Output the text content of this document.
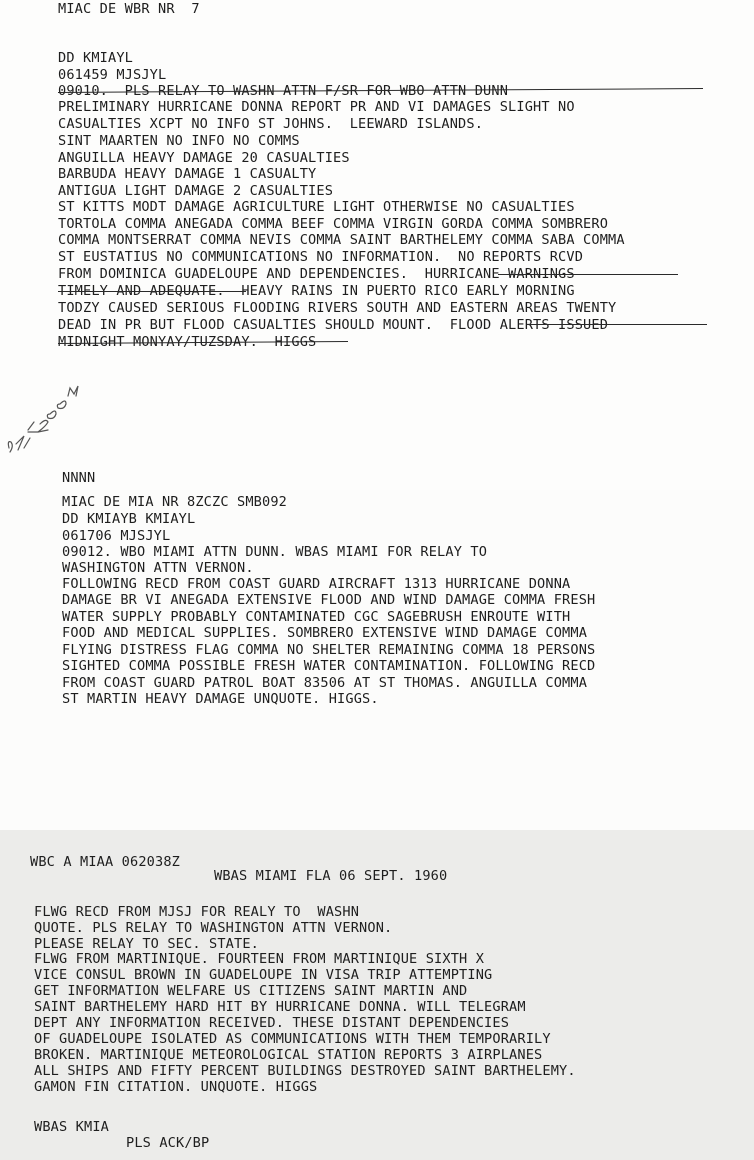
MIAC DE WBR NR  7
DD KMIAYL
061459 MJSJYL
09010.  PLS RELAY TO WASHN ATTN F/SR FOR WBO ATTN DUNN
PRELIMINARY HURRICANE DONNA REPORT PR AND VI DAMAGES SLIGHT NO
CASUALTIES XCPT NO INFO ST JOHNS.  LEEWARD ISLANDS.
SINT MAARTEN NO INFO NO COMMS
ANGUILLA HEAVY DAMAGE 20 CASUALTIES
BARBUDA HEAVY DAMAGE 1 CASUALTY
ANTIGUA LIGHT DAMAGE 2 CASUALTIES
ST KITTS MODT DAMAGE AGRICULTURE LIGHT OTHERWISE NO CASUALTIES
TORTOLA COMMA ANEGADA COMMA BEEF COMMA VIRGIN GORDA COMMA SOMBRERO
COMMA MONTSERRAT COMMA NEVIS COMMA SAINT BARTHELEMY COMMA SABA COMMA
ST EUSTATIUS NO COMMUNICATIONS NO INFORMATION.  NO REPORTS RCVD
FROM DOMINICA GUADELOUPE AND DEPENDENCIES.  HURRICANE WARNINGS
TIMELY AND ADEQUATE.  HEAVY RAINS IN PUERTO RICO EARLY MORNING
TODZY CAUSED SERIOUS FLOODING RIVERS SOUTH AND EASTERN AREAS TWENTY
DEAD IN PR BUT FLOOD CASUALTIES SHOULD MOUNT.  FLOOD ALERTS ISSUED
MIDNIGHT MONYAY/TUZSDAY.  HIGGS
NNNN
MIAC DE MIA NR 8ZCZC SMB092
DD KMIAYB KMIAYL
061706 MJSJYL
09012. WBO MIAMI ATTN DUNN. WBAS MIAMI FOR RELAY TO
WASHINGTON ATTN VERNON.
FOLLOWING RECD FROM COAST GUARD AIRCRAFT 1313 HURRICANE DONNA
DAMAGE BR VI ANEGADA EXTENSIVE FLOOD AND WIND DAMAGE COMMA FRESH
WATER SUPPLY PROBABLY CONTAMINATED CGC SAGEBRUSH ENROUTE WITH
FOOD AND MEDICAL SUPPLIES. SOMBRERO EXTENSIVE WIND DAMAGE COMMA
FLYING DISTRESS FLAG COMMA NO SHELTER REMAINING COMMA 18 PERSONS
SIGHTED COMMA POSSIBLE FRESH WATER CONTAMINATION. FOLLOWING RECD
FROM COAST GUARD PATROL BOAT 83506 AT ST THOMAS. ANGUILLA COMMA
ST MARTIN HEAVY DAMAGE UNQUOTE. HIGGS.
WBC A MIAA 062038Z
WBAS MIAMI FLA 06 SEPT. 1960
FLWG RECD FROM MJSJ FOR REALY TO  WASHN
QUOTE. PLS RELAY TO WASHINGTON ATTN VERNON.
PLEASE RELAY TO SEC. STATE.
FLWG FROM MARTINIQUE. FOURTEEN FROM MARTINIQUE SIXTH X
VICE CONSUL BROWN IN GUADELOUPE IN VISA TRIP ATTEMPTING
GET INFORMATION WELFARE US CITIZENS SAINT MARTIN AND
SAINT BARTHELEMY HARD HIT BY HURRICANE DONNA. WILL TELEGRAM
DEPT ANY INFORMATION RECEIVED. THESE DISTANT DEPENDENCIES
OF GUADELOUPE ISOLATED AS COMMUNICATIONS WITH THEM TEMPORARILY
BROKEN. MARTINIQUE METEOROLOGICAL STATION REPORTS 3 AIRPLANES
ALL SHIPS AND FIFTY PERCENT BUILDINGS DESTROYED SAINT BARTHELEMY.
GAMON FIN CITATION. UNQUOTE. HIGGS
WBAS KMIA
PLS ACK/BP
